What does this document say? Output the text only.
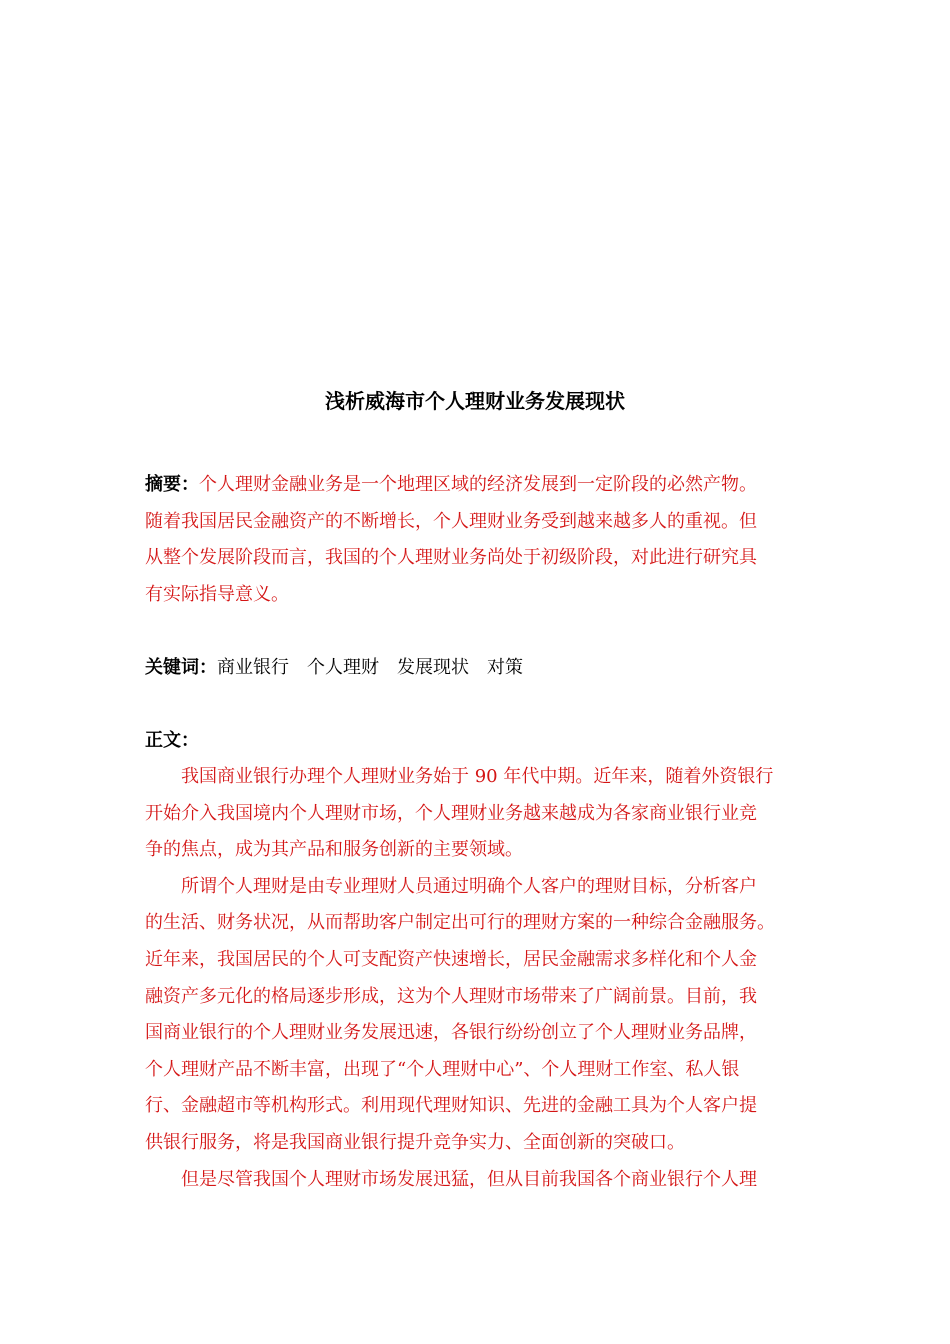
浅析威海市个人理财业务发展现状
摘要：个人理财金融业务是一个地理区域的经济发展到一定阶段的必然产物。
随着我国居民金融资产的不断增长，个人理财业务受到越来越多人的重视。但
从整个发展阶段而言，我国的个人理财业务尚处于初级阶段，对此进行研究具
有实际指导意义。
关键词：商业银行 个人理财 发展现状 对策
正文：
我国商业银行办理个人理财业务始于 90 年代中期。近年来，随着外资银行
开始介入我国境内个人理财市场，个人理财业务越来越成为各家商业银行业竞
争的焦点，成为其产品和服务创新的主要领域。
所谓个人理财是由专业理财人员通过明确个人客户的理财目标，分析客户
的生活、财务状况，从而帮助客户制定出可行的理财方案的一种综合金融服务。
近年来，我国居民的个人可支配资产快速增长，居民金融需求多样化和个人金
融资产多元化的格局逐步形成，这为个人理财市场带来了广阔前景。目前，我
国商业银行的个人理财业务发展迅速，各银行纷纷创立了个人理财业务品牌，
个人理财产品不断丰富，出现了“个人理财中心”、个人理财工作室、私人银
行、金融超市等机构形式。利用现代理财知识、先进的金融工具为个人客户提
供银行服务，将是我国商业银行提升竞争实力、全面创新的突破口。
但是尽管我国个人理财市场发展迅猛，但从目前我国各个商业银行个人理
